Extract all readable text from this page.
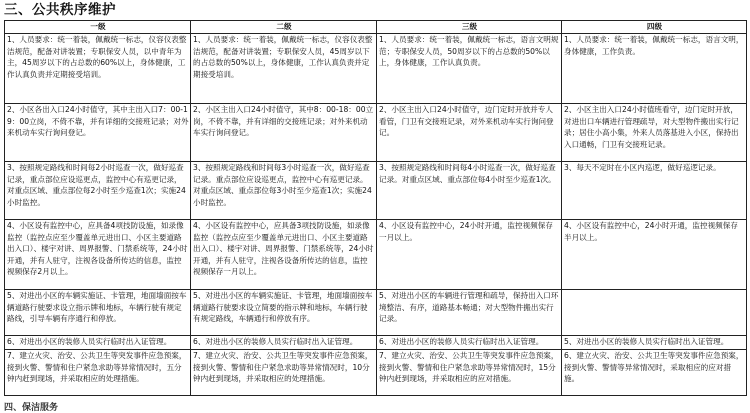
三、公共秩序维护
一级	二级	三级	四级
1、人员要求：统一着装，佩戴统一标志，仪容仪表整洁规范，配备对讲装置；专职保安人员，以中青年为主，45周岁以下的占总数的60%以上，身体健康，工作认真负责并定期接受培训。	1、人员要求：统一着装，佩戴统一标志，仪容仪表整洁规范，配备对讲装置；专职保安人员，45周岁以下的占总数的50%以上，身体健康，工作认真负责并定期接受培训。	1、人员要求：统一着装，佩戴统一标志，语言文明规范；专职保安人员，50周岁以下的占总数的50%以上，身体健康，工作认真负责。	1、人员要求：统一着装，佩戴统一标志，语言文明，身体健康，工作负责。
2、小区各出入口24小时值守，其中主出入口7：00-19：00立岗，不倚不靠，并有详细的交接班记录；对外来机动车实行询问登记。	2、小区主出入口24小时值守，其中8：00-18：00立岗，不倚不靠，并有详细的交接班记录；对外来机动车实行询问登记。	2、小区主出入口24小时值守，边门定时开放并专人看管，门卫有交接班记录，对外来机动车实行询问登记。	2、小区主出入口24小时值班看守，边门定时开放，对进出口车辆进行管理疏导，对大型物件搬出实行记录；居住小高小集，外来人员落基进入小区，保持出入口通畅，门卫有交接班记录。
3、按照规定路线和时间每2小时巡查一次，做好巡查记录，重点部位应设巡更点，监控中心有巡更记录，对重点区域、重点部位每2小时至少巡查1次；实施24小时监控。	3、按照规定路线和时间每3小时巡查一次，做好巡查记录。重点部位应设巡更点，监控中心有巡更记录。对重点区域、重点部位每3小时至少巡查1次；实施24小时监控。	3、按照规定路线和时间每4小时巡查一次，做好巡查记录。对重点区域、重点部位每4小时至少巡查1次。	3、每天不定时在小区内巡逻，做好巡逻记录。
4、小区设有监控中心，应具备4项技防设施，如录像监控（监控点应至少覆盖单元进出口、小区主要道路出入口）、楼宇对讲、周界报警、门禁系统等，24小时开通，并有人驻守，注视各设备所传达的信息，监控视频保存2月以上。	4、小区设有监控中心，应具备3项技防设施，如录像监控（监控点应至少覆盖单元进出口、小区主要道路出入口）、楼宇对讲、周界报警、门禁系统等，24小时开通，并有人驻守，注视各设备所传达的信息，监控视频保存一月以上。	4、小区设有监控中心，24小时开通，监控视频保存一月以上。	4、小区设有监控中心，24小时开通，监控视频保存半月以上。
5、对进出小区的车辆实施证、卡管理，地面墙面按车辆道路行驶要求设立指示牌和地标，车辆行驶有规定路线，引导车辆有序通行和停放。	5、对进出小区的车辆实施证、卡管理，地面墙面按车辆道路行驶要求设立简要的指示牌和地标，车辆行驶有规定路线，车辆通行和停放有序。	5、对进出小区的车辆进行管理和疏导，保持出入口环境整洁、有序，道路基本畅通；对大型物件搬出实行记录。	
6、对进出小区的装修人员实行临时出入证管理。	6、对进出小区的装修人员实行临时出入证管理。	6、对进出小区的装修人员实行临时出入证管理。	5、对进出小区的装修人员实行临时出入证管理。
7、建立火灾、治安、公共卫生等突发事件应急预案，接到火警、警情和住户紧急求助等异常情况时，五分钟内赶到现场，并采取相应的处理措施。	7、建立火灾、治安、公共卫生等突发事件应急预案，接到火警、警情和住户紧急求助等异常情况时，10分钟内赶到现场，并采取相应的处理措施。	7、建立火灾、治安、公共卫生等突发事件应急预案，接到火警、警情和住户紧急求助等异常情况时，15分钟内赶到现场，并采取相应的应对措施。	6、建立火灾、治安、公共卫生等突发事件应急预案，接到火警、警情等异常情况时，采取相应的应对措施。
四、保洁服务
